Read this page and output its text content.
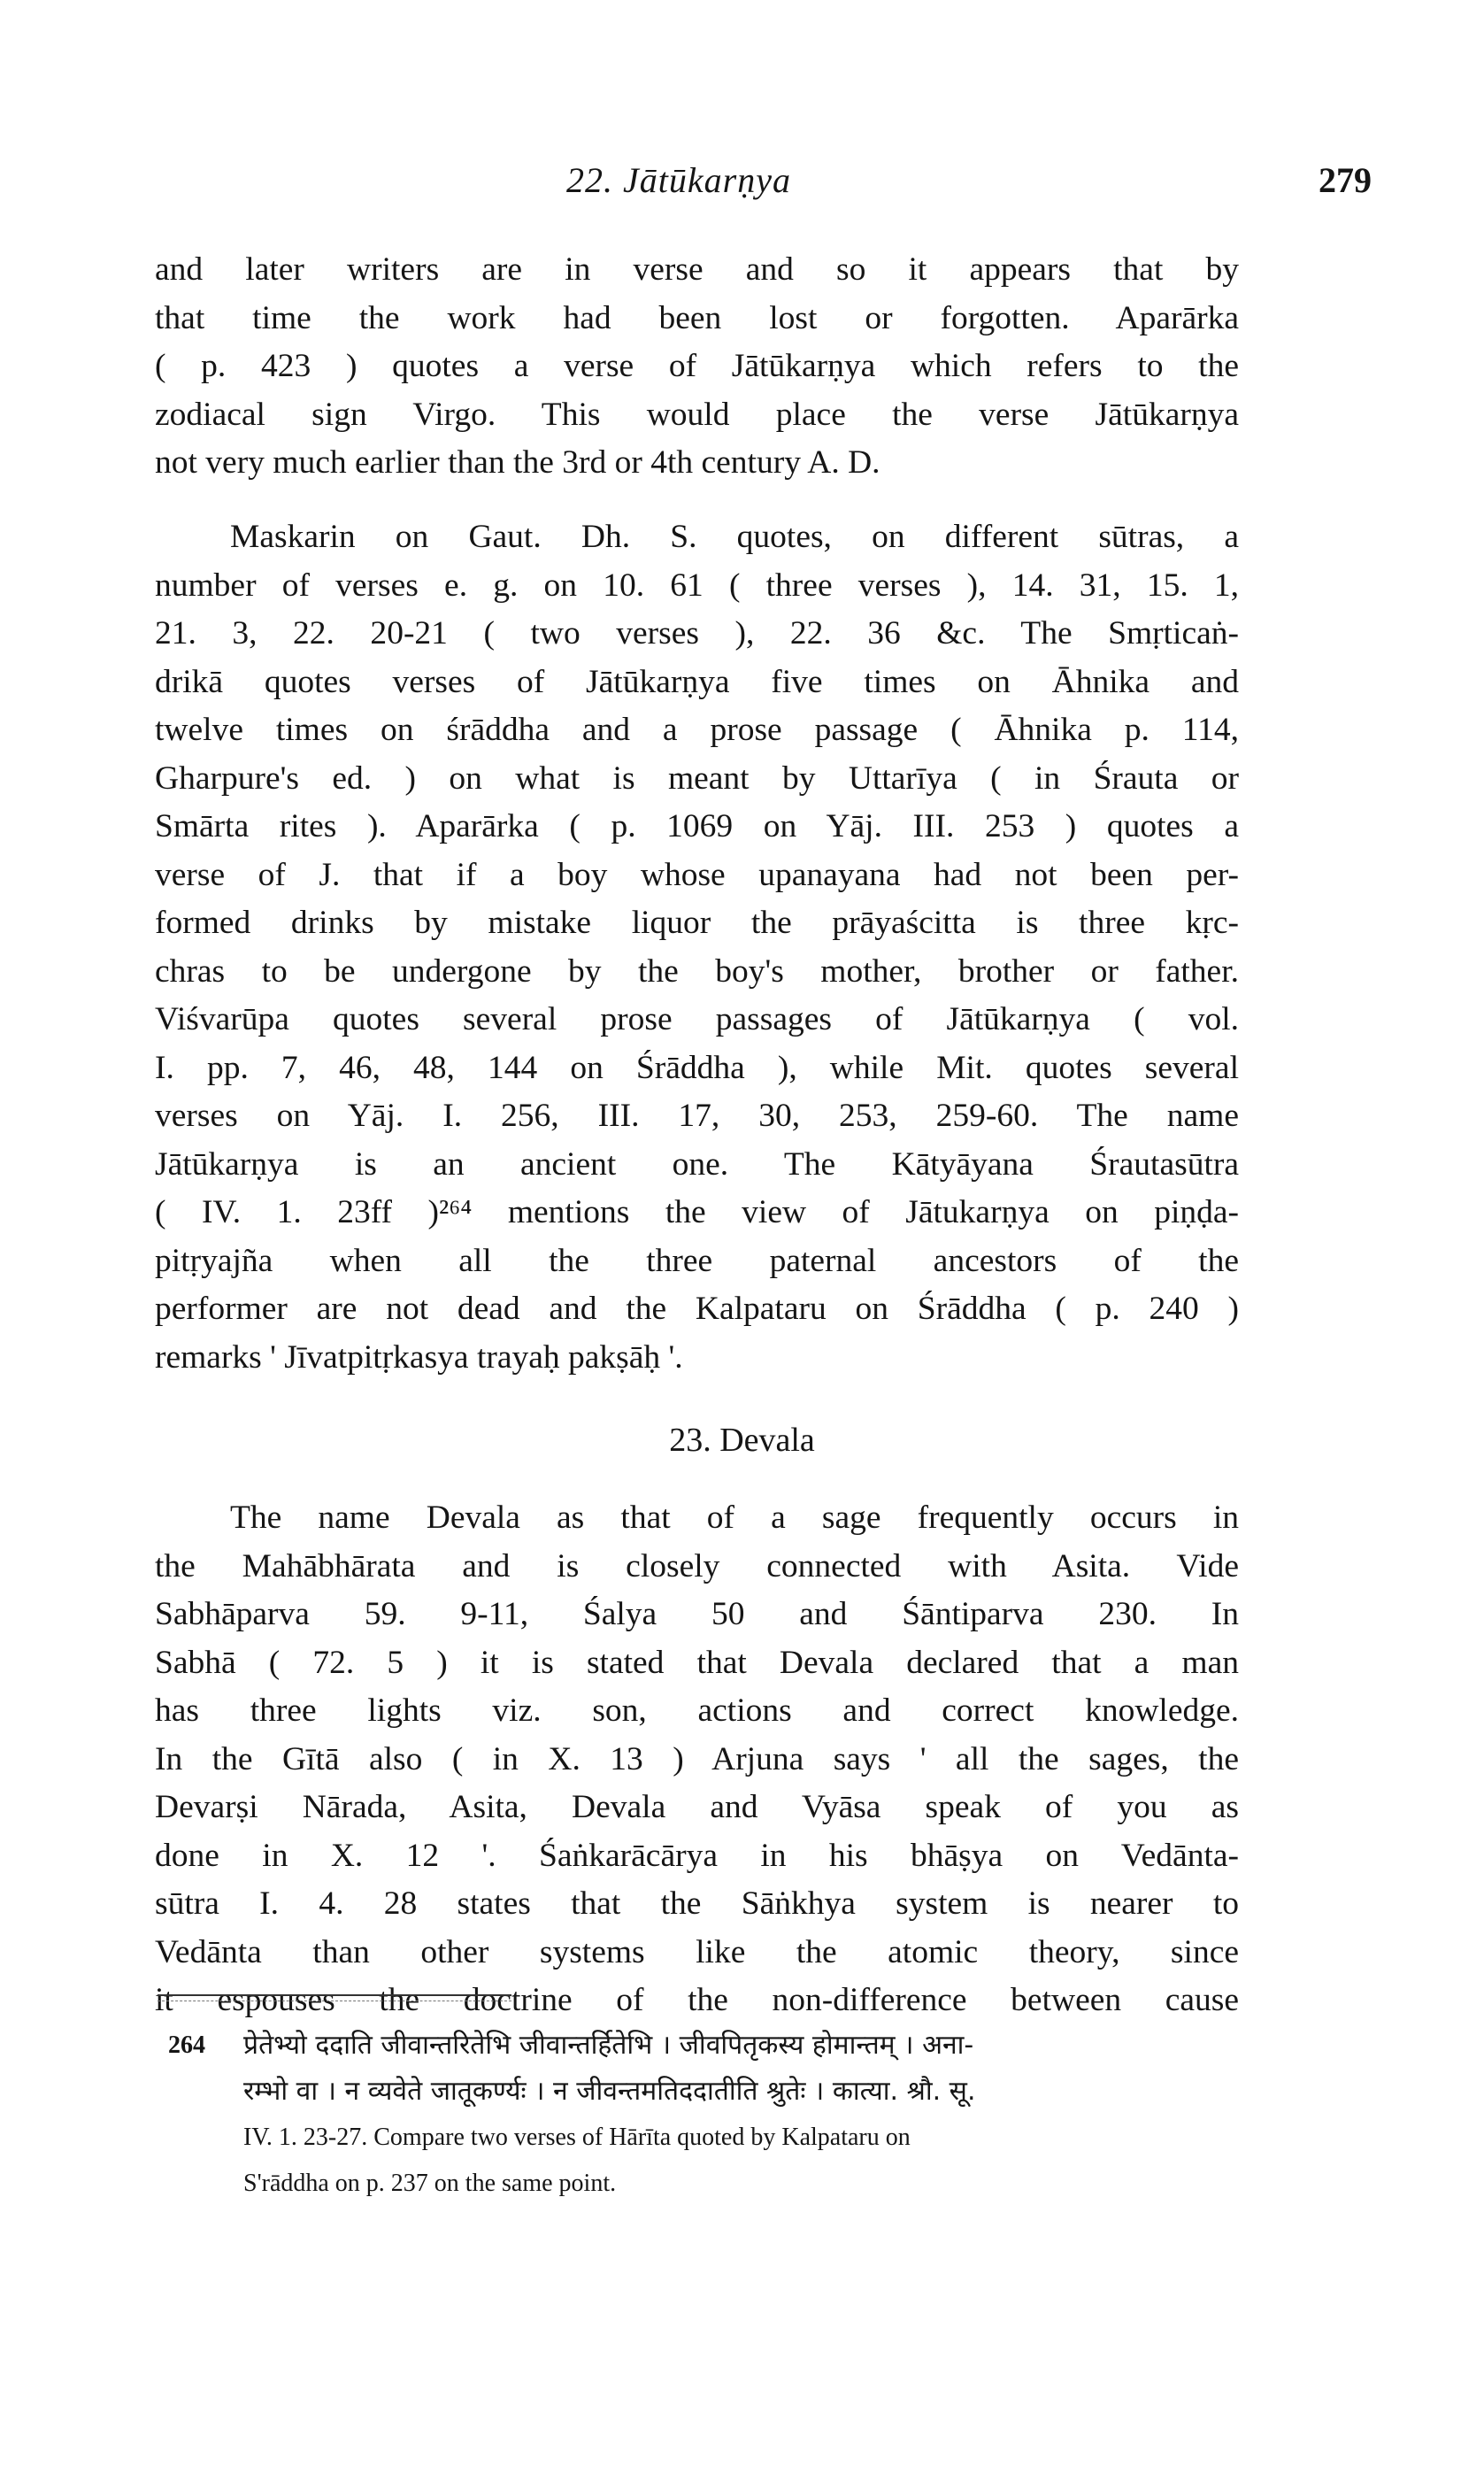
22. Jātūkarṇya	279
and later writers are in verse and so it appears that by
that time the work had been lost or forgotten. Aparārka
( p. 423 ) quotes a verse of Jātūkarṇya which refers to the
zodiacal sign Virgo. This would place the verse Jātūkarṇya
not very much earlier than the 3rd or 4th century A. D.
Maskarin on Gaut. Dh. S. quotes, on different sūtras, a
number of verses e. g. on 10. 61 ( three verses ), 14. 31, 15. 1,
21. 3, 22. 20-21 ( two verses ), 22. 36 &c. The Smṛticaṅ-
drikā quotes verses of Jātūkarṇya five times on Āhnika and
twelve times on śrāddha and a prose passage ( Āhnika p. 114,
Gharpure's ed. ) on what is meant by Uttarīya ( in Śrauta or
Smārta rites ). Aparārka ( p. 1069 on Yāj. III. 253 ) quotes a
verse of J. that if a boy whose upanayana had not been per-
formed drinks by mistake liquor the prāyaścitta is three kṛc-
chras to be undergone by the boy's mother, brother or father.
Viśvarūpa quotes several prose passages of Jātūkarṇya ( vol.
I. pp. 7, 46, 48, 144 on Śrāddha ), while Mit. quotes several
verses on Yāj. I. 256, III. 17, 30, 253, 259-60. The name
Jātūkarṇya is an ancient one. The Kātyāyana Śrautasūtra
( IV. 1. 23ff )²⁶⁴ mentions the view of Jātukarṇya on piṇḍa-
pitṛyajña when all the three paternal ancestors of the
performer are not dead and the Kalpataru on Śrāddha ( p. 240 )
remarks ' Jīvatpitṛkasya trayaḥ pakṣāḥ '.
23. Devala
The name Devala as that of a sage frequently occurs in
the Mahābhārata and is closely connected with Asita. Vide
Sabhāparva 59. 9-11, Śalya 50 and Śāntiparva 230. In
Sabhā ( 72. 5 ) it is stated that Devala declared that a man
has three lights viz. son, actions and correct knowledge.
In the Gītā also ( in X. 13 ) Arjuna says ' all the sages, the
Devarṣi Nārada, Asita, Devala and Vyāsa speak of you as
done in X. 12 '. Śaṅkarācārya in his bhāṣya on Vedānta-
sūtra I. 4. 28 states that the Sāṅkhya system is nearer to
Vedānta than other systems like the atomic theory, since
it espouses the doctrine of the non-difference between cause
264	प्रेतेभ्यो ददाति जीवान्तरितेभि जीवान्तर्हितेभि । जीवपितृकस्य होमान्तम् । अना-
रम्भो वा । न व्यवेते जातूकर्ण्यः । न जीवन्तमतिददातीति श्रुतेः । कात्या. श्रौ. सू.
IV. 1. 23-27. Compare two verses of Hārīta quoted by Kalpataru on
S'rāddha on p. 237 on the same point.
